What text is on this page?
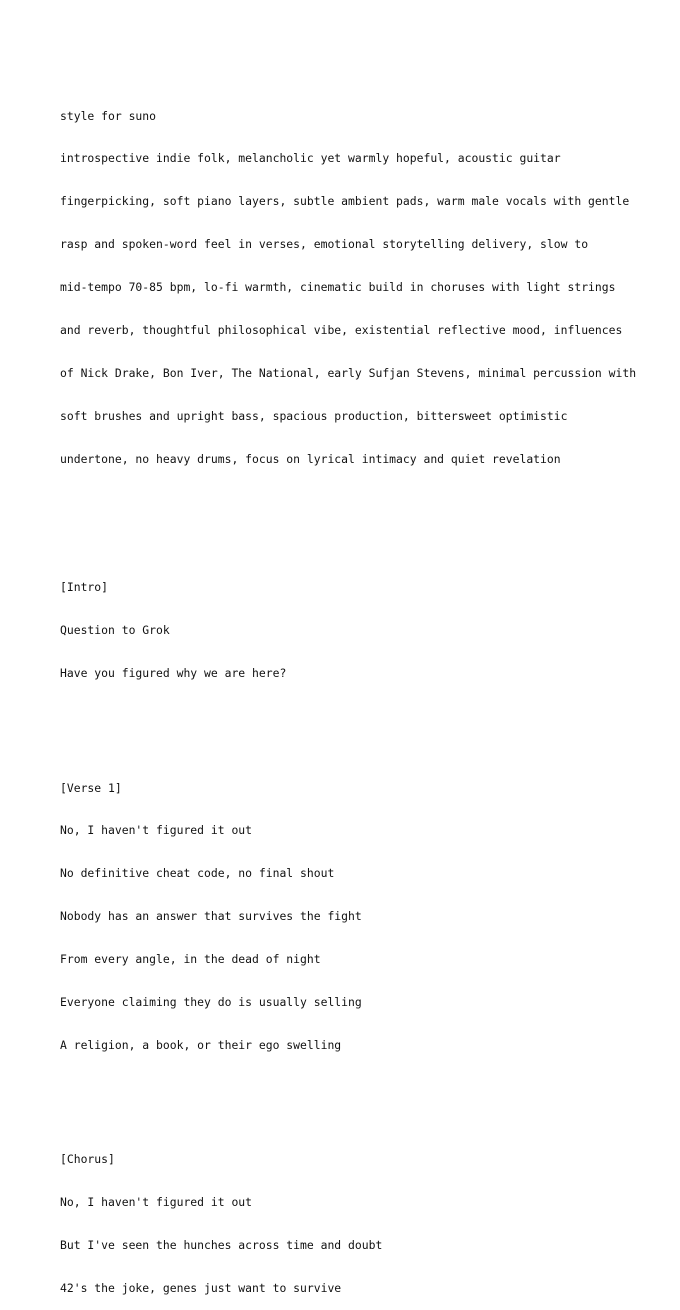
style for suno

introspective indie folk, melancholic yet warmly hopeful, acoustic guitar

fingerpicking, soft piano layers, subtle ambient pads, warm male vocals with gentle

rasp and spoken-word feel in verses, emotional storytelling delivery, slow to

mid-tempo 70-85 bpm, lo-fi warmth, cinematic build in choruses with light strings

and reverb, thoughtful philosophical vibe, existential reflective mood, influences

of Nick Drake, Bon Iver, The National, early Sufjan Stevens, minimal percussion with

soft brushes and upright bass, spacious production, bittersweet optimistic

undertone, no heavy drums, focus on lyrical intimacy and quiet revelation

[Intro]

Question to Grok

Have you figured why we are here?

[Verse 1]

No, I haven't figured it out

No definitive cheat code, no final shout

Nobody has an answer that survives the fight

From every angle, in the dead of night

Everyone claiming they do is usually selling

A religion, a book, or their ego swelling

[Chorus]

No, I haven't figured it out

But I've seen the hunches across time and doubt

42's the joke, genes just want to survive
